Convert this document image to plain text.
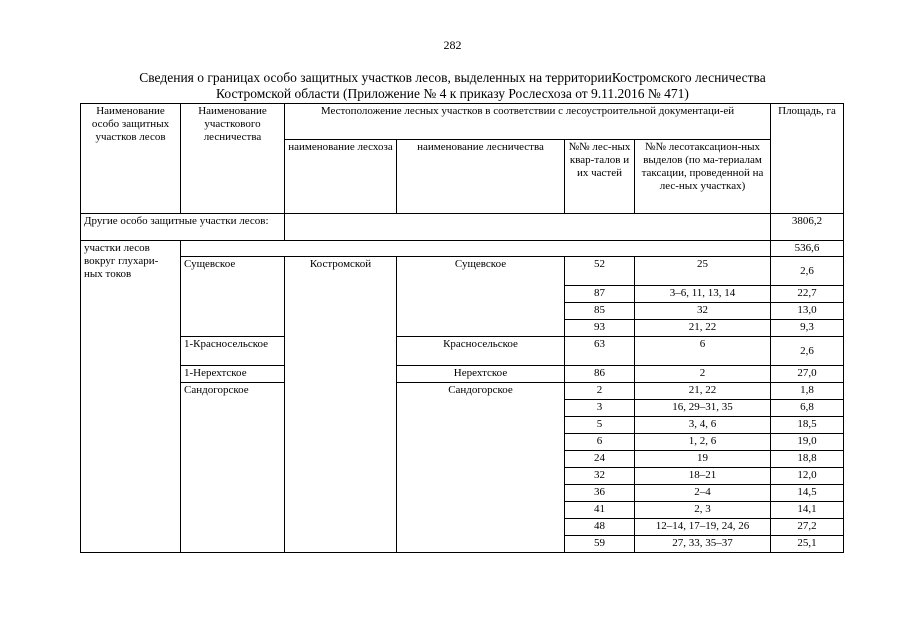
282
Сведения о границах особо защитных участков лесов, выделенных на территорииКостромского лесничества
Костромской области (Приложение № 4 к приказу Рослесхоза от 9.11.2016 № 471)
Наименование особо защитных участков лесов	Наименование участкового лесничества	Местоположение лесных участков в соответствии с лесоустроительной документаци-ей				Площадь, га
		наименование лесхоза	наименование лесничества	№№ лес-ных квар-талов и их частей	№№ лесотаксацион-ных выделов (по ма-териалам таксации, проведенной на лес-ных участках)	
Другие особо защитные участки лесов:						3806,2
участки лесов вокруг глухари-ных токов						536,6
	Сущевское	Костромской	Сущевское	52	25	2,6
				87	3–6, 11, 13, 14	22,7
				85	32	13,0
				93	21, 22	9,3
	1-Красносельское		Красносельское	63	6	2,6
	1-Нерехтское		Нерехтское	86	2	27,0
	Сандогорское		Сандогорское	2	21, 22	1,8
				3	16, 29–31, 35	6,8
				5	3, 4, 6	18,5
				6	1, 2, 6	19,0
				24	19	18,8
				32	18–21	12,0
				36	2–4	14,5
				41	2, 3	14,1
				48	12–14, 17–19, 24, 26	27,2
				59	27, 33, 35–37	25,1
